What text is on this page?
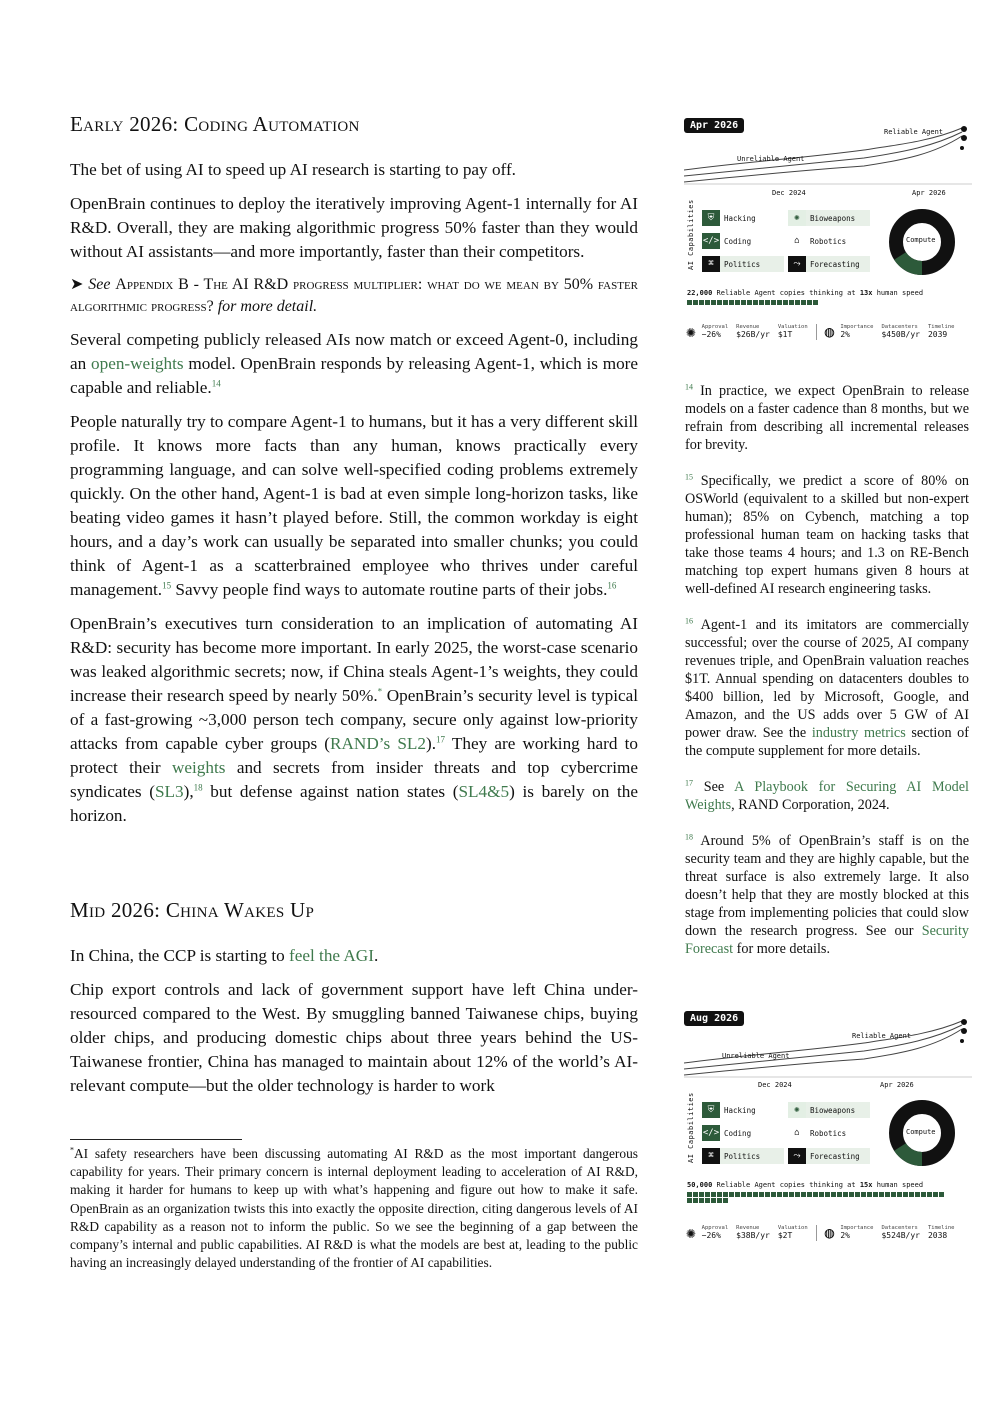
Early 2026: Coding Automation

The bet of using AI to speed up AI research is starting to pay off.

OpenBrain continues to deploy the iteratively improving Agent-1 internally for AI R&D. Overall, they are making algorithmic progress 50% faster than they would without AI assistants—and more importantly, faster than their competitors.

➤ See Appendix B - The AI R&D progress multiplier: what do we mean by 50% faster algorithmic progress? for more detail.

Several competing publicly released AIs now match or exceed Agent-0, including an open-weights model. OpenBrain responds by releasing Agent-1, which is more capable and reliable.$^{14}$

People naturally try to compare Agent-1 to humans, but it has a very different skill profile. It knows more facts than any human, knows practically every programming language, and can solve well-specified coding problems extremely quickly. On the other hand, Agent-1 is bad at even simple long-horizon tasks, like beating video games it hasn’t played before. Still, the common workday is eight hours, and a day’s work can usually be separated into smaller chunks; you could think of Agent-1 as a scatterbrained employee who thrives under careful management.$^{15}$ Savvy people find ways to automate routine parts of their jobs.$^{16}$

OpenBrain’s executives turn consideration to an implication of automating AI R&D: security has become more important. In early 2025, the worst-case scenario was leaked algorithmic secrets; now, if China steals Agent-1’s weights, they could increase their research speed by nearly 50%.* OpenBrain’s security level is typical of a fast-growing ~3,000 person tech company, secure only against low-priority attacks from capable cyber groups (RAND’s SL2).$^{17}$ They are working hard to protect their weights and secrets from insider threats and top cybercrime syndicates (SL3),$^{18}$ but defense against nation states (SL4&5) is barely on the horizon.

Mid 2026: China Wakes Up

In China, the CCP is starting to feel the AGI.

Chip export controls and lack of government support have left China under-resourced compared to the West. By smuggling banned Taiwanese chips, buying older chips, and producing domestic chips about three years behind the US-Taiwanese frontier, China has managed to maintain about 12% of the world’s AI-relevant compute—but the older technology is harder to work

*AI safety researchers have been discussing automating AI R&D as the most important dangerous capability for years. Their primary concern is internal deployment leading to acceleration of AI R&D, making it harder for humans to keep up with what’s happening and figure out how to make it safe. OpenBrain as an organization twists this into exactly the opposite direction, citing dangerous levels of AI R&D capability as a reason not to inform the public. So we see the beginning of a gap between the company’s internal and public capabilities. AI R&D is what the models are best at, leading to the public having an increasingly delayed understanding of the frontier of AI capabilities.

$^{14}$ In practice, we expect OpenBrain to release models on a faster cadence than 8 months, but we refrain from describing all incremental releases for brevity.

$^{15}$ Specifically, we predict a score of 80% on OSWorld (equivalent to a skilled but non-expert human); 85% on Cybench, matching a top professional human team on hacking tasks that take those teams 4 hours; and 1.3 on RE-Bench matching top expert humans given 8 hours at well-defined AI research engineering tasks.

$^{16}$ Agent-1 and its imitators are commercially successful; over the course of 2025, AI company revenues triple, and OpenBrain valuation reaches $1T. Annual spending on datacenters doubles to $400 billion, led by Microsoft, Google, and Amazon, and the US adds over 5 GW of AI power draw. See the industry metrics section of the compute supplement for more details.

$^{17}$ See A Playbook for Securing AI Model Weights, RAND Corporation, 2024.

$^{18}$ Around 5% of OpenBrain’s staff is on the security team and they are highly capable, but the threat surface is also extremely large. It also doesn’t help that they are mostly blocked at this stage from implementing policies that could slow down the research progress. See our Security Forecast for more details.

Apr 2026
Reliable Agent
Unreliable Agent
Dec 2024	Apr 2026
AI Capabilities	⛨	Hacking	✺	Bioweapons
</> Coding	⌂	Robotics
⌘	Politics	⤳	Forecasting
Compute
22,000 Reliable Agent copies thinking at 13x human speed
✺ Approval
−26%
Revenue
$26B/yr
Valuation
$1T	◍ Importance
2%
Datacenters
$450B/yr
Timeline
2039
Aug 2026
Reliable Agent
Unreliable Agent
Dec 2024	Apr 2026
AI Capabilities	⛨	Hacking	✺	Bioweapons
</> Coding	⌂	Robotics
⌘	Politics	⤳	Forecasting
Compute
50,000 Reliable Agent copies thinking at 15x human speed
✺ Approval
−26%
Revenue
$38B/yr
Valuation
$2T	◍ Importance
2%
Datacenters
$524B/yr
Timeline
2038
